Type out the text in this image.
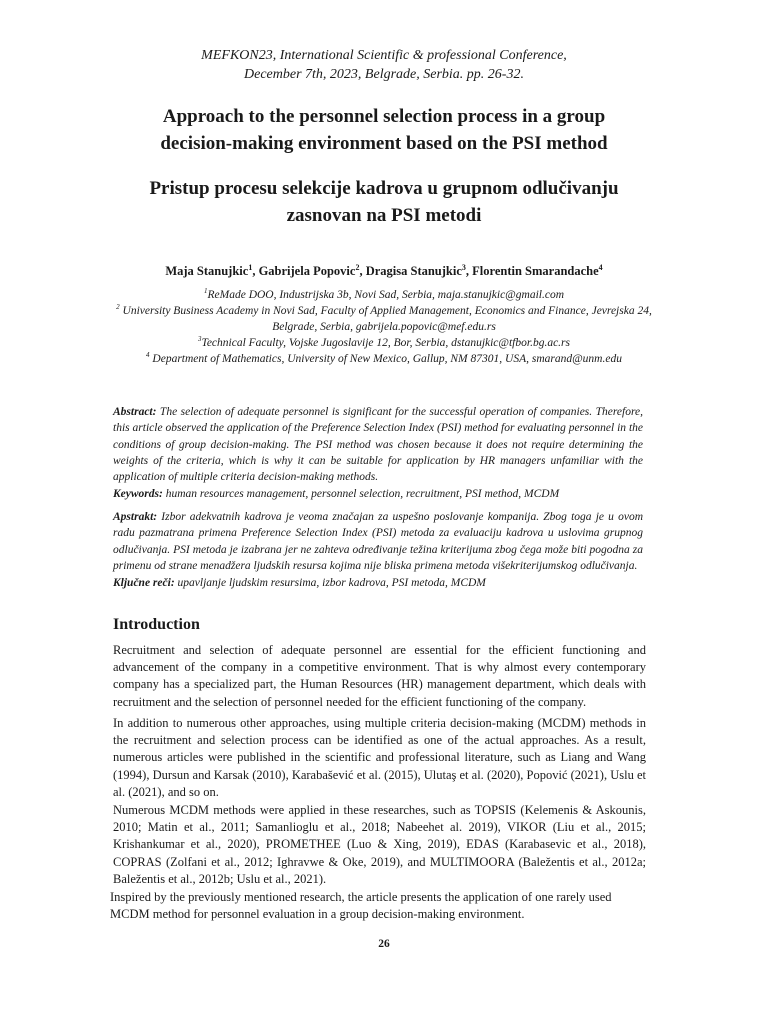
MEFKON23, International Scientific & professional Conference,
December 7th, 2023, Belgrade, Serbia. pp. 26-32.
Approach to the personnel selection process in a group
decision-making environment based on the PSI method
Pristup procesu selekcije kadrova u grupnom odlučivanju
zasnovan na PSI metodi
Maja Stanujkic$^1$, Gabrijela Popovic$^2$, Dragisa Stanujkic$^3$, Florentin Smarandache$^4$
$^1$ReMade DOO, Industrijska 3b, Novi Sad, Serbia, maja.stanujkic@gmail.com
$^2$ University Business Academy in Novi Sad, Faculty of Applied Management, Economics and Finance, Jevrejska 24, Belgrade, Serbia, gabrijela.popovic@mef.edu.rs
$^3$Technical Faculty, Vojske Jugoslavije 12, Bor, Serbia, dstanujkic@tfbor.bg.ac.rs
$^4$ Department of Mathematics, University of New Mexico, Gallup, NM 87301, USA, smarand@unm.edu
Abstract: The selection of adequate personnel is significant for the successful operation of companies. Therefore, this article observed the application of the Preference Selection Index (PSI) method for evaluating personnel in the conditions of group decision-making. The PSI method was chosen because it does not require determining the weights of the criteria, which is why it can be suitable for application by HR managers unfamiliar with the application of multiple criteria decision-making methods.
Keywords: human resources management, personnel selection, recruitment, PSI method, MCDM
Apstrakt: Izbor adekvatnih kadrova je veoma značajan za uspešno poslovanje kompanija. Zbog toga je u ovom radu pazmatrana primena Preference Selection Index (PSI) metoda za evaluaciju kadrova u uslovima grupnog odlučivanja. PSI metoda je izabrana jer ne zahteva određivanje težina kriterijuma zbog čega može biti pogodna za primenu od strane menadžera ljudskih resursa kojima nije bliska primena metoda višekriterijumskog odlučivanja.
Ključne reči: upavljanje ljudskim resursima, izbor kadrova, PSI metoda, MCDM
Introduction
Recruitment and selection of adequate personnel are essential for the efficient functioning and advancement of the company in a competitive environment. That is why almost every contemporary company has a specialized part, the Human Resources (HR) management department, which deals with recruitment and the selection of personnel needed for the efficient functioning of the company.
In addition to numerous other approaches, using multiple criteria decision-making (MCDM) methods in the recruitment and selection process can be identified as one of the actual approaches. As a result, numerous articles were published in the scientific and professional literature, such as Liang and Wang (1994), Dursun and Karsak (2010), Karabašević et al. (2015), Ulutaş et al. (2020), Popović (2021), Uslu et al. (2021), and so on.
Numerous MCDM methods were applied in these researches, such as TOPSIS (Kelemenis & Askounis, 2010; Matin et al., 2011; Samanlioglu et al., 2018; Nabeehet al. 2019), VIKOR (Liu et al., 2015; Krishankumar et al., 2020), PROMETHEE (Luo & Xing, 2019), EDAS (Karabasevic et al., 2018), COPRAS (Zolfani et al., 2012; Ighravwe & Oke, 2019), and MULTIMOORA (Baležentis et al., 2012a; Baležentis et al., 2012b; Uslu et al., 2021).
Inspired by the previously mentioned research, the article presents the application of one rarely used MCDM method for personnel evaluation in a group decision-making environment.
26
